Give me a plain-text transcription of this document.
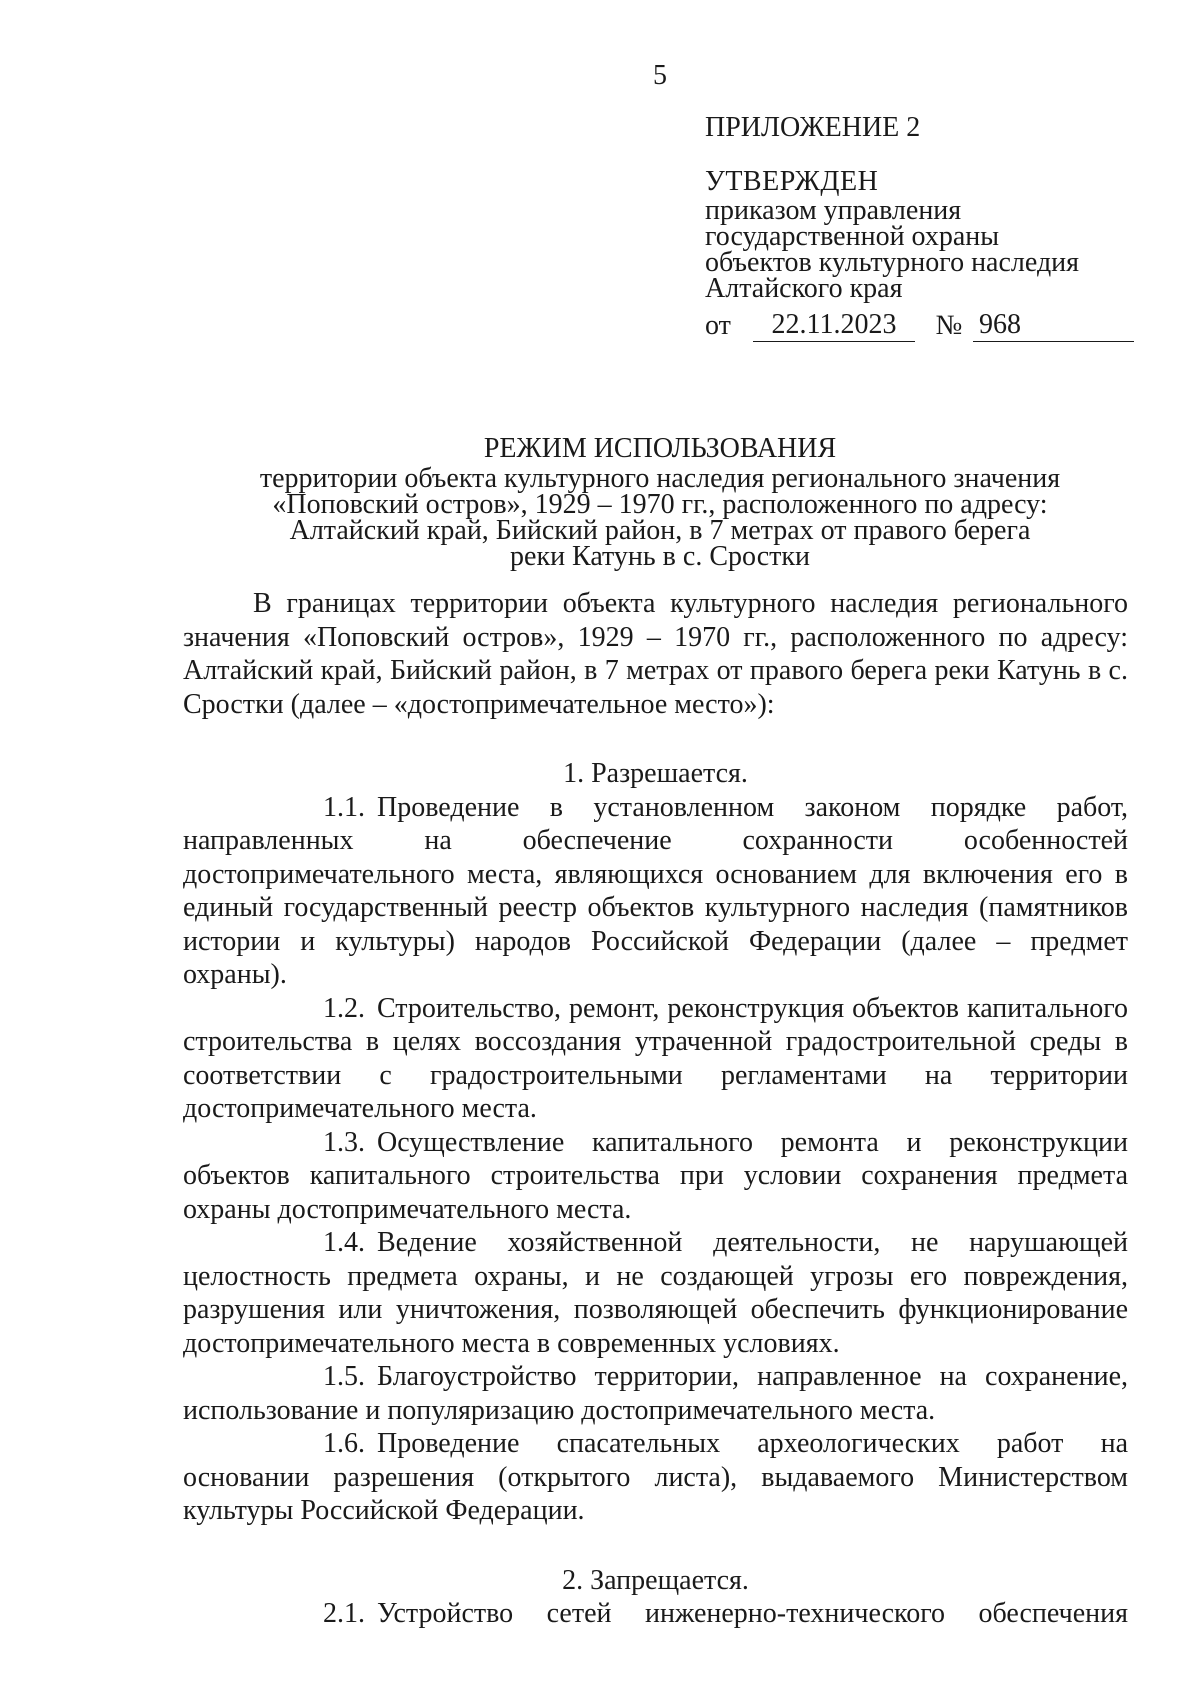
5
ПРИЛОЖЕНИЕ 2
УТВЕРЖДЕН
приказом управления
государственной охраны
объектов культурного наследия
Алтайского края
от	22.11.2023	№ 968
РЕЖИМ ИСПОЛЬЗОВАНИЯ
территории объекта культурного наследия регионального значения
«Поповский остров», 1929 – 1970 гг., расположенного по адресу:
Алтайский край, Бийский район, в 7 метрах от правого берега
реки Катунь в с. Сростки

В границах территории объекта культурного наследия регионального значения «Поповский остров», 1929 – 1970 гг., расположенного по адресу: Алтайский край, Бийский район, в 7 метрах от правого берега реки Катунь в с. Сростки (далее – «достопримечательное место»):

1. Разрешается.

1.1. Проведение в установленном законом порядке работ, направленных на обеспечение сохранности особенностей достопримечательного места, являющихся основанием для включения его в единый государственный реестр объектов культурного наследия (памятников истории и культуры) народов Российской Федерации (далее – предмет охраны).

1.2. Строительство, ремонт, реконструкция объектов капитального строительства в целях воссоздания утраченной градостроительной среды в соответствии с градостроительными регламентами на территории достопримечательного места.

1.3. Осуществление капитального ремонта и реконструкции объектов капитального строительства при условии сохранения предмета охраны достопримечательного места.

1.4. Ведение хозяйственной деятельности, не нарушающей целостность предмета охраны, и не создающей угрозы его повреждения, разрушения или уничтожения, позволяющей обеспечить функционирование достопримечательного места в современных условиях.

1.5. Благоустройство территории, направленное на сохранение, использование и популяризацию достопримечательного места.

1.6. Проведение спасательных археологических работ на основании разрешения (открытого листа), выдаваемого Министерством культуры Российской Федерации.

2. Запрещается.

2.1. Устройство сетей инженерно-технического обеспечения
